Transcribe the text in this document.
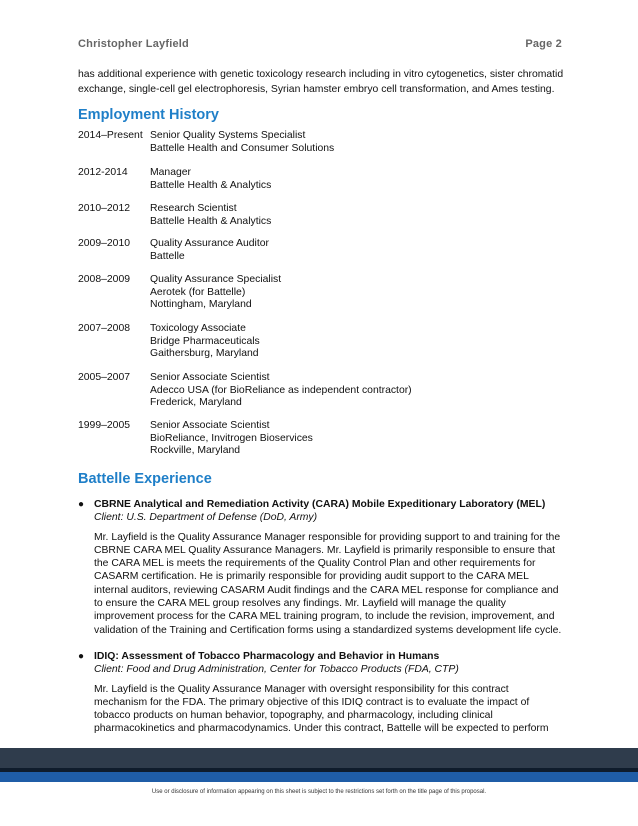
Christopher Layfield	Page 2
has additional experience with genetic toxicology research including in vitro cytogenetics, sister chromatid exchange, single-cell gel electrophoresis, Syrian hamster embryo cell transformation, and Ames testing.
Employment History
2014–Present Senior Quality Systems Specialist
Battelle Health and Consumer Solutions
2012-2014	Manager
Battelle Health & Analytics
2010–2012	Research Scientist
Battelle Health & Analytics
2009–2010	Quality Assurance Auditor
Battelle
2008–2009	Quality Assurance Specialist
Aerotek (for Battelle)
Nottingham, Maryland
2007–2008	Toxicology Associate
Bridge Pharmaceuticals
Gaithersburg, Maryland
2005–2007	Senior Associate Scientist
Adecco USA (for BioReliance as independent contractor)
Frederick, Maryland
1999–2005	Senior Associate Scientist
BioReliance, Invitrogen Bioservices
Rockville, Maryland
Battelle Experience
● CBRNE Analytical and Remediation Activity (CARA) Mobile Expeditionary Laboratory (MEL)
Client: U.S. Department of Defense (DoD, Army)
Mr. Layfield is the Quality Assurance Manager responsible for providing support to and training for the CBRNE CARA MEL Quality Assurance Managers. Mr. Layfield is primarily responsible to ensure that the CARA MEL is meets the requirements of the Quality Control Plan and other requirements for CASARM certification. He is primarily responsible for providing audit support to the CARA MEL internal auditors, reviewing CASARM Audit findings and the CARA MEL response for compliance and to ensure the CARA MEL group resolves any findings. Mr. Layfield will manage the quality improvement process for the CARA MEL training program, to include the revision, improvement, and validation of the Training and Certification forms using a standardized systems development life cycle.
● IDIQ: Assessment of Tobacco Pharmacology and Behavior in Humans
Client: Food and Drug Administration, Center for Tobacco Products (FDA, CTP)
Mr. Layfield is the Quality Assurance Manager with oversight responsibility for this contract mechanism for the FDA. The primary objective of this IDIQ contract is to evaluate the impact of tobacco products on human behavior, topography, and pharmacology, including clinical pharmacokinetics and pharmacodynamics. Under this contract, Battelle will be expected to perform
Use or disclosure of information appearing on this sheet is subject to the restrictions set forth on the title page of this proposal.
